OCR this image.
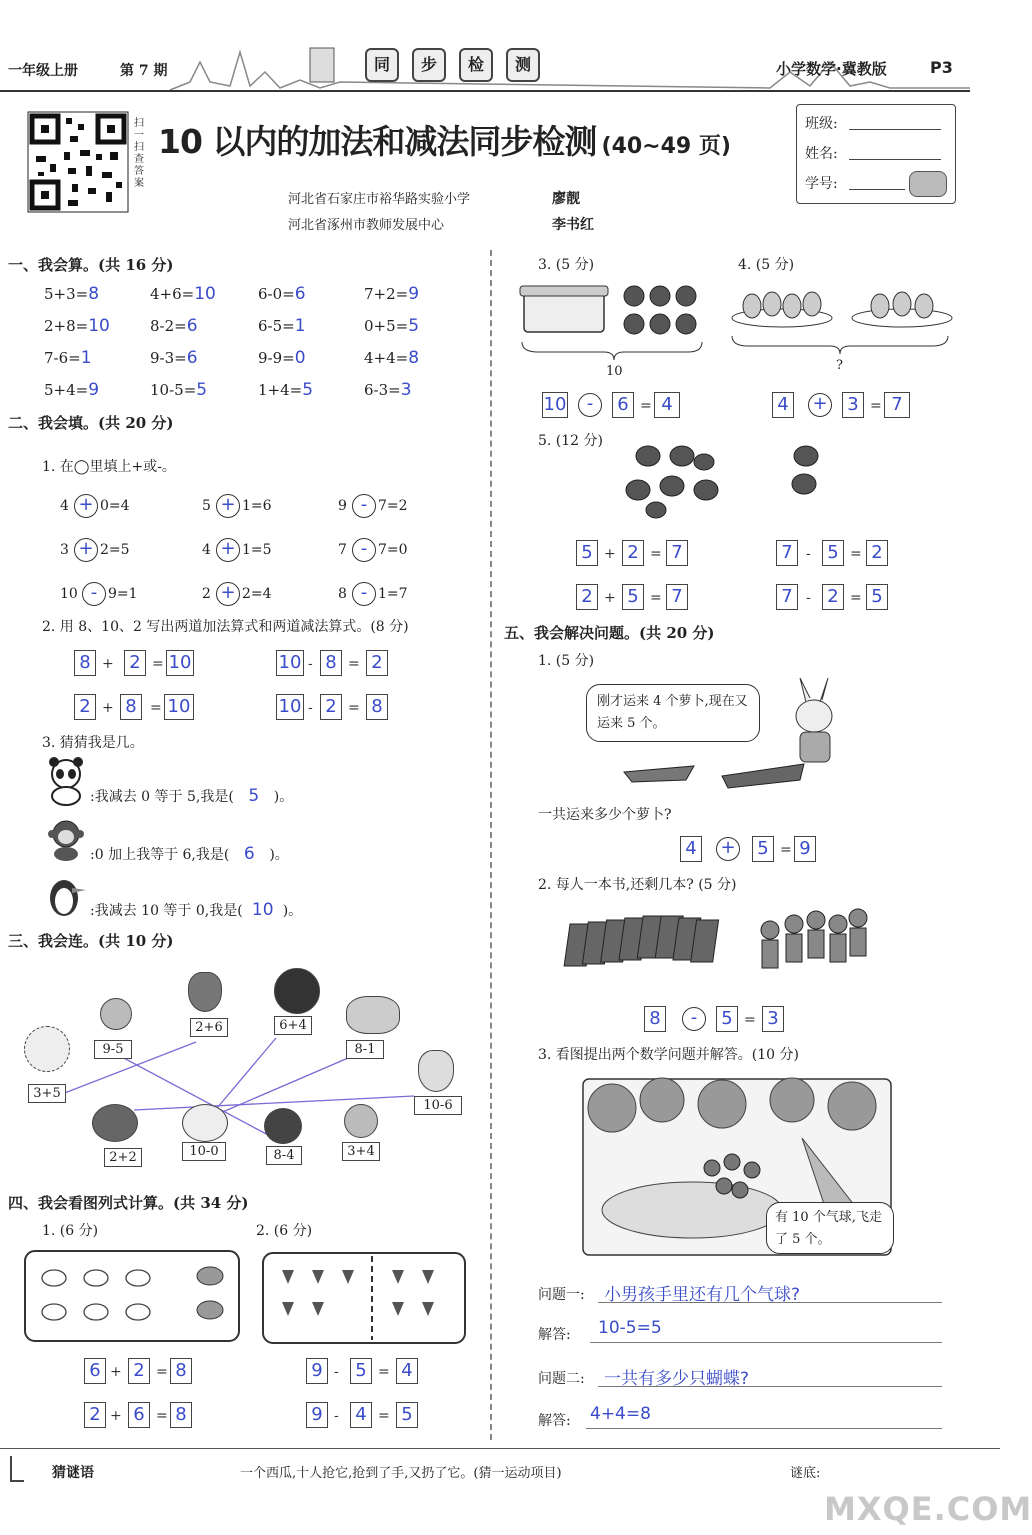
一年级上册	第 7 期	同	步	检	测	小学数学·冀教版	P3
扫一扫 查答案
10 以内的加法和减法同步检测 (40~49 页)
河北省石家庄市裕华路实验小学	廖靓
河北省涿州市教师发展中心	李书红
班级:
姓名:
学号:
一、我会算。(共 16 分)
5+3=8	4+6=10	6-0=6	7+2=9
2+8=10	8-2=6	6-5=1	0+5=5
7-6=1	9-3=6	9-9=0	4+4=8
5+4=9	10-5=5	1+4=5	6-3=3
二、我会填。(共 20 分)
1. 在◯里填上+或-。
4 + 0=4	5 + 1=6	9 - 7=2
3 + 2=5	4 + 1=5	7 - 7=0
10 - 9=1	2 + 2=4	8 - 1=7
2. 用 8、10、2 写出两道加法算式和两道减法算式。(8 分)
8 + 2 = 10	10 - 8 = 2
2 + 8 = 10	10 - 2 = 8
3. 猜猜我是几。
:我减去 0 等于 5,我是( 5 )。
:0 加上我等于 6,我是( 6 )。
:我减去 10 等于 0,我是( 10 )。
三、我会连。(共 10 分)
2+6	6+4
9-5	8-1
3+5
10-6
2+2	10-0	8-4	3+4
四、我会看图列式计算。(共 34 分)
1. (6 分)	2. (6 分)
6 + 2 = 8
2 + 6 = 8
9 - 5 = 4
9 - 4 = 5
3. (5 分)	4. (5 分)
10	?
10	-	6 = 4	4 + 3 = 7
5. (12 分)
5 + 2 = 7	7 - 5 = 2
2 + 5 = 7	7 - 2 = 5
五、我会解决问题。(共 20 分)
1. (5 分)
刚才运来 4 个萝卜,现在又运来 5 个。
一共运来多少个萝卜?
4 + 5 = 9
2. 每人一本书,还剩几本? (5 分)
8	-	5 = 3
3. 看图提出两个数学问题并解答。(10 分)
有 10 个气球,飞走了 5 个。
问题一: 小男孩手里还有几个气球?
解答: 10-5=5
问题二: 一共有多少只蝴蝶?
解答: 4+4=8
猜谜语	一个西瓜,十人抢它,抢到了手,又扔了它。(猜一运动项目)	谜底:
MXQE.COM
